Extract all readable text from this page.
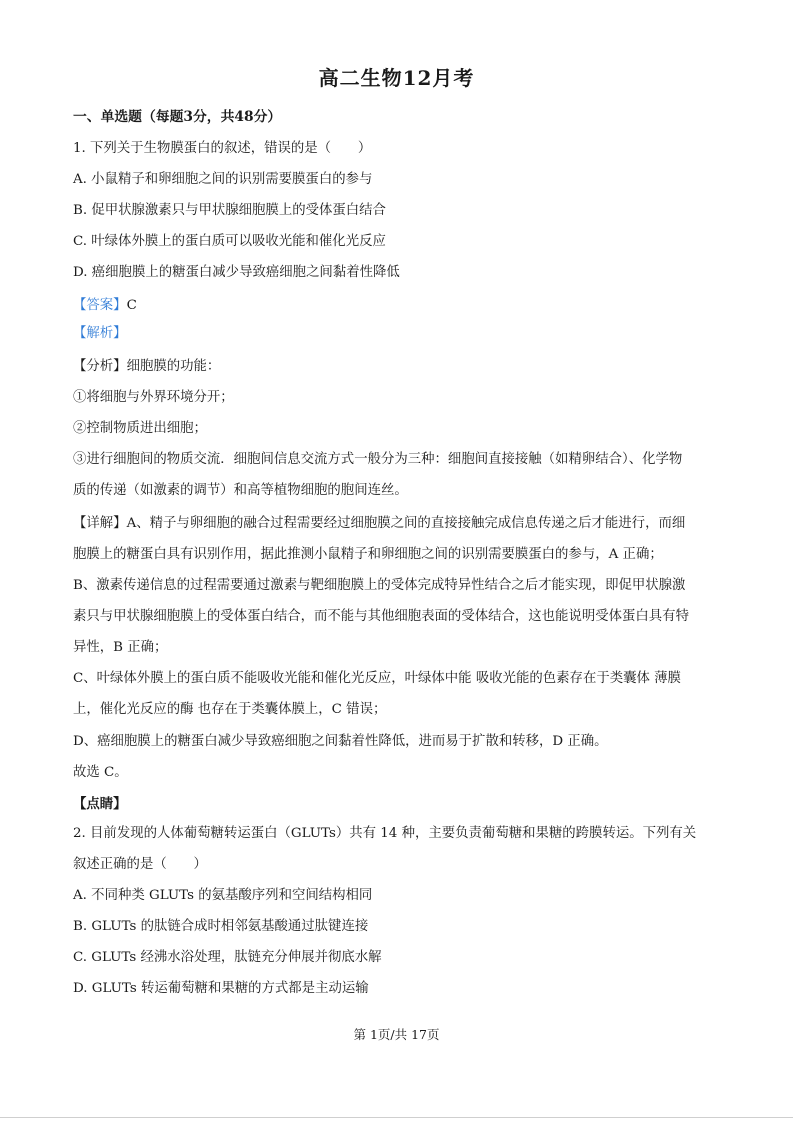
高二生物12月考
一、单选题（每题3分，共48分）
1. 下列关于生物膜蛋白的叙述，错误的是（　　）
A. 小鼠精子和卵细胞之间的识别需要膜蛋白的参与
B. 促甲状腺激素只与甲状腺细胞膜上的受体蛋白结合
C. 叶绿体外膜上的蛋白质可以吸收光能和催化光反应
D. 癌细胞膜上的糖蛋白减少导致癌细胞之间黏着性降低
【答案】C
【解析】
【分析】细胞膜的功能：
①将细胞与外界环境分开；
②控制物质进出细胞；
③进行细胞间的物质交流．细胞间信息交流方式一般分为三种：细胞间直接接触（如精卵结合）、化学物
质的传递（如激素的调节）和高等植物细胞的胞间连丝。
【详解】A、精子与卵细胞的融合过程需要经过细胞膜之间的直接接触完成信息传递之后才能进行，而细
胞膜上的糖蛋白具有识别作用，据此推测小鼠精子和卵细胞之间的识别需要膜蛋白的参与，A 正确；
B、激素传递信息的过程需要通过激素与靶细胞膜上的受体完成特异性结合之后才能实现，即促甲状腺激
素只与甲状腺细胞膜上的受体蛋白结合，而不能与其他细胞表面的受体结合，这也能说明受体蛋白具有特
异性，B 正确；
C、叶绿体外膜上的蛋白质不能吸收光能和催化光反应，叶绿体中能 吸收光能的色素存在于类囊体 薄膜
上，催化光反应的酶 也存在于类囊体膜上，C 错误；
D、癌细胞膜上的糖蛋白减少导致癌细胞之间黏着性降低，进而易于扩散和转移，D 正确。
故选 C。
【点睛】
2. 目前发现的人体葡萄糖转运蛋白（GLUTs）共有 14 种，主要负责葡萄糖和果糖的跨膜转运。下列有关
叙述正确的是（　　）
A. 不同种类 GLUTs 的氨基酸序列和空间结构相同
B. GLUTs 的肽链合成时相邻氨基酸通过肽键连接
C. GLUTs 经沸水浴处理，肽链充分伸展并彻底水解
D. GLUTs 转运葡萄糖和果糖的方式都是主动运输
第 1页/共 17页
